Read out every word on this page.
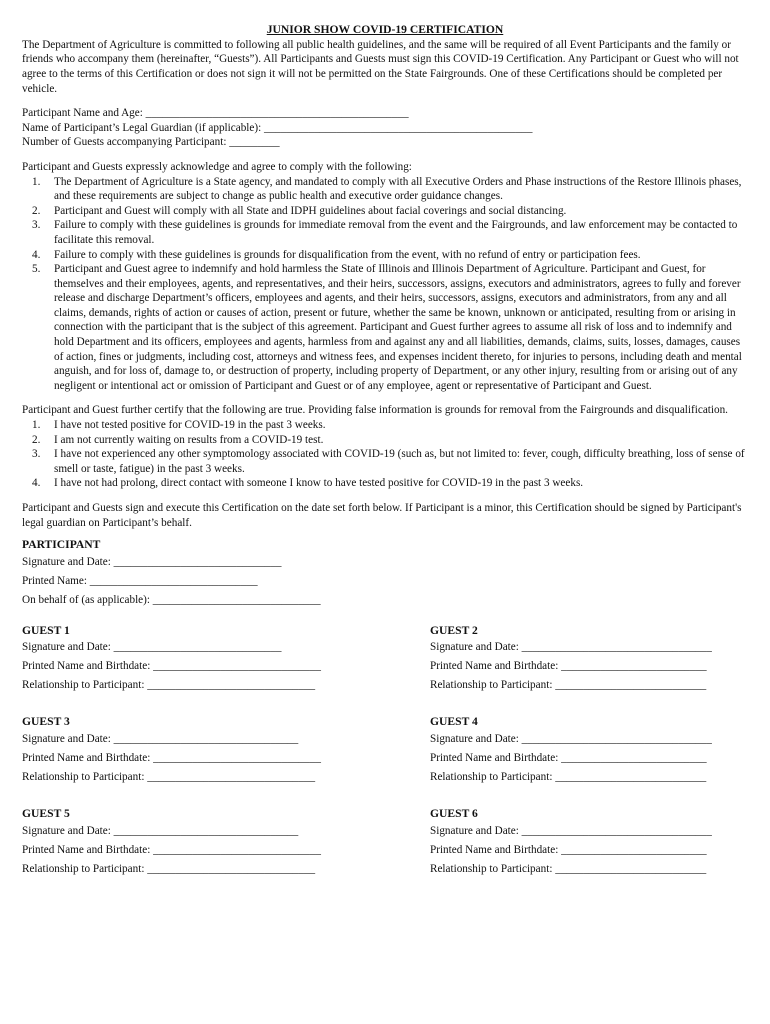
JUNIOR SHOW COVID-19 CERTIFICATION

The Department of Agriculture is committed to following all public health guidelines, and the same will be required of all Event Participants and the family or friends who accompany them (hereinafter, “Guests”). All Participants and Guests must sign this COVID-19 Certification. Any Participant or Guest who will not agree to the terms of this Certification or does not sign it will not be permitted on the State Fairgrounds. One of these Certifications should be completed per vehicle.

Participant Name and Age: _______________________________________________

Name of Participant’s Legal Guardian (if applicable): ________________________________________________

Number of Guests accompanying Participant: _________

Participant and Guests expressly acknowledge and agree to comply with the following:

1. The Department of Agriculture is a State agency, and mandated to comply with all Executive Orders and Phase instructions of the Restore Illinois phases, and these requirements are subject to change as public health and executive order guidance changes.
2. Participant and Guest will comply with all State and IDPH guidelines about facial coverings and social distancing.
3. Failure to comply with these guidelines is grounds for immediate removal from the event and the Fairgrounds, and law enforcement may be contacted to facilitate this removal.
4. Failure to comply with these guidelines is grounds for disqualification from the event, with no refund of entry or participation fees.
5. Participant and Guest agree to indemnify and hold harmless the State of Illinois and Illinois Department of Agriculture. Participant and Guest, for themselves and their employees, agents, and representatives, and their heirs, successors, assigns, executors and administrators, agrees to fully and forever release and discharge Department’s officers, employees and agents, and their heirs, successors, assigns, executors and administrators, from any and all claims, demands, rights of action or causes of action, present or future, whether the same be known, unknown or anticipated, resulting from or arising in connection with the participant that is the subject of this agreement. Participant and Guest further agrees to assume all risk of loss and to indemnify and hold Department and its officers, employees and agents, harmless from and against any and all liabilities, demands, claims, suits, losses, damages, causes of action, fines or judgments, including cost, attorneys and witness fees, and expenses incident thereto, for injuries to persons, including death and mental anguish, and for loss of, damage to, or destruction of property, including property of Department, or any other injury, resulting from or arising out of any negligent or intentional act or omission of Participant and Guest or of any employee, agent or representative of Participant and Guest.

Participant and Guest further certify that the following are true. Providing false information is grounds for removal from the Fairgrounds and disqualification.

1. I have not tested positive for COVID-19 in the past 3 weeks.
2. I am not currently waiting on results from a COVID-19 test.
3. I have not experienced any other symptomology associated with COVID-19 (such as, but not limited to: fever, cough, difficulty breathing, loss of sense of smell or taste, fatigue) in the past 3 weeks.
4. I have not had prolong, direct contact with someone I know to have tested positive for COVID-19 in the past 3 weeks.

Participant and Guests sign and execute this Certification on the date set forth below. If Participant is a minor, this Certification should be signed by Participant's legal guardian on Participant’s behalf.

PARTICIPANT
Signature and Date: ______________________________
Printed Name: ______________________________
On behalf of (as applicable): ______________________________
GUEST 1
Signature and Date: ______________________________
Printed Name and Birthdate: ______________________________
Relationship to Participant: ______________________________
GUEST 2
Signature and Date: __________________________________
Printed Name and Birthdate: __________________________
Relationship to Participant: ___________________________
GUEST 3
Signature and Date: _________________________________
Printed Name and Birthdate: ______________________________
Relationship to Participant: ______________________________
GUEST 4
Signature and Date: __________________________________
Printed Name and Birthdate: __________________________
Relationship to Participant: ___________________________
GUEST 5
Signature and Date: _________________________________
Printed Name and Birthdate: ______________________________
Relationship to Participant: ______________________________
GUEST 6
Signature and Date: __________________________________
Printed Name and Birthdate: __________________________
Relationship to Participant: ___________________________
